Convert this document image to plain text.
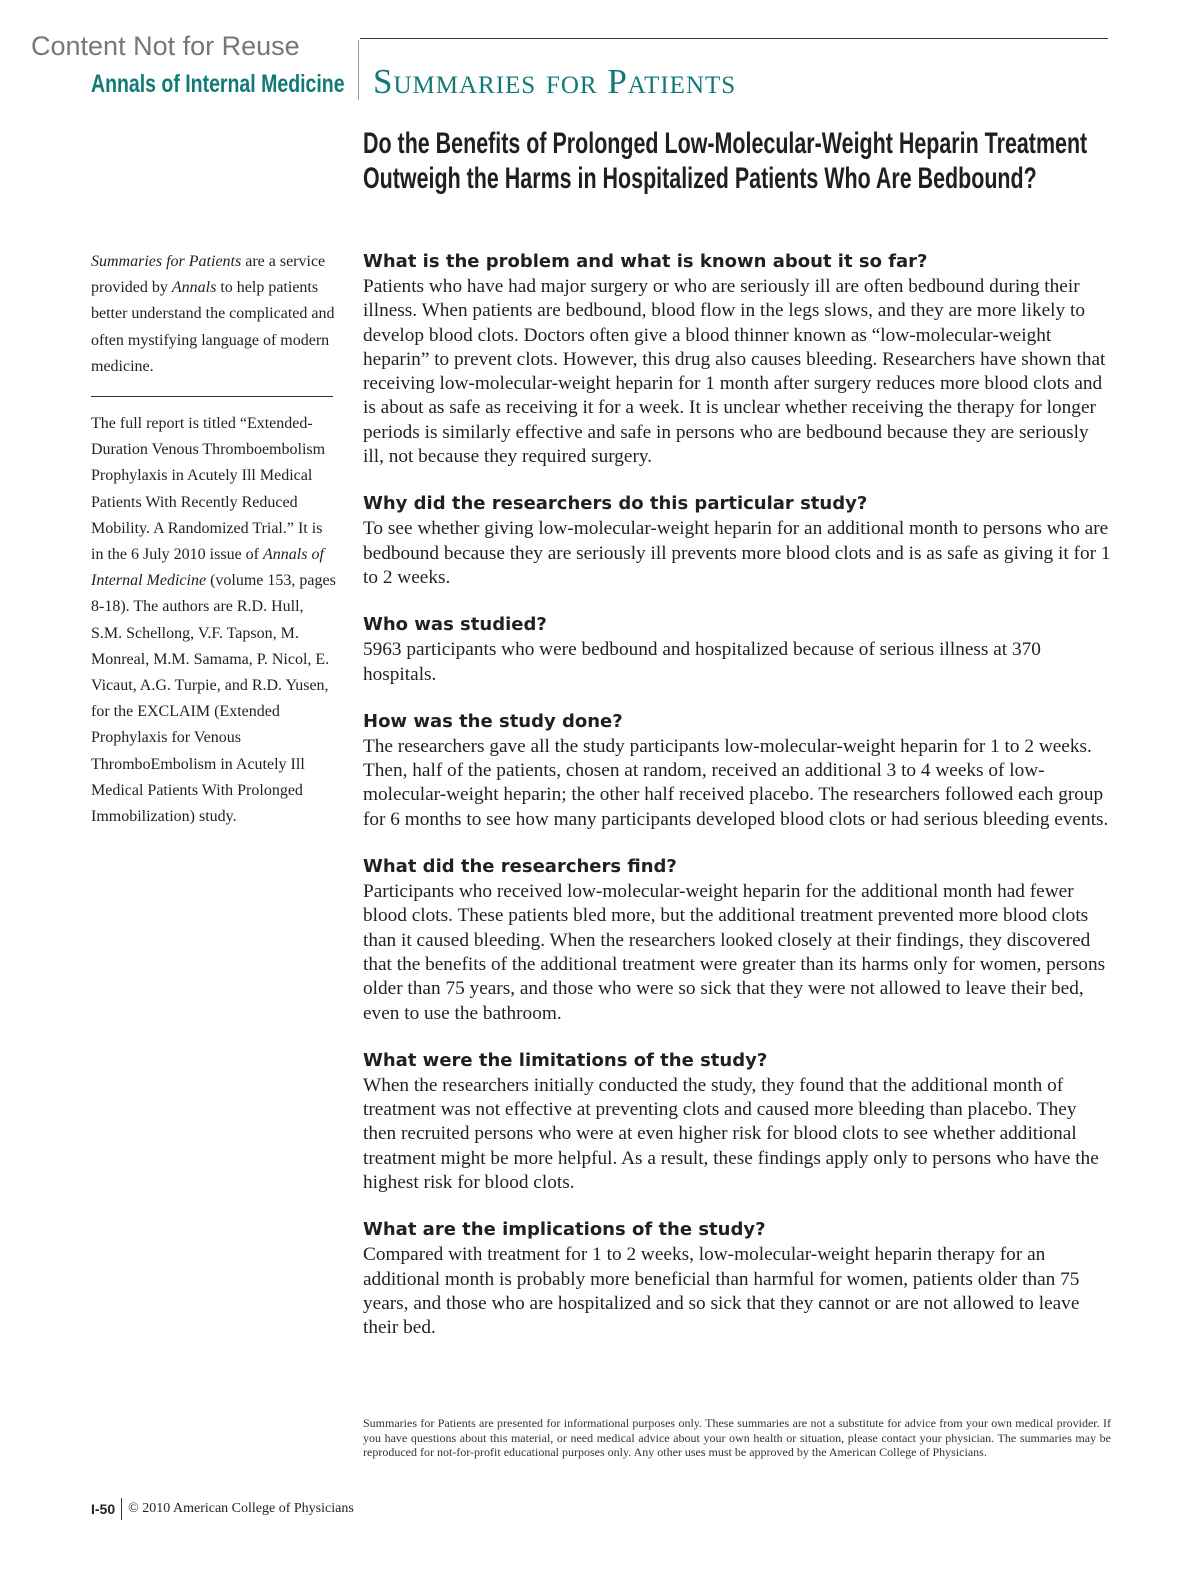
Content Not for Reuse
Annals of Internal Medicine Summaries for Patients
Do the Benefits of Prolonged Low-Molecular-Weight Heparin Treatment Outweigh the Harms in Hospitalized Patients Who Are Bedbound?
Summaries for Patients are a service provided by Annals to help patients better understand the complicated and often mystifying language of modern medicine.
The full report is titled “Extended-Duration Venous Thromboembolism Prophylaxis in Acutely Ill Medical Patients With Recently Reduced Mobility. A Randomized Trial.” It is in the 6 July 2010 issue of Annals of Internal Medicine (volume 153, pages 8-18). The authors are R.D. Hull, S.M. Schellong, V.F. Tapson, M. Monreal, M.M. Samama, P. Nicol, E. Vicaut, A.G. Turpie, and R.D. Yusen, for the EXCLAIM (Extended Prophylaxis for Venous ThromboEmbolism in Acutely Ill Medical Patients With Prolonged Immobilization) study.
What is the problem and what is known about it so far?

Patients who have had major surgery or who are seriously ill are often bedbound during their illness. When patients are bedbound, blood flow in the legs slows, and they are more likely to develop blood clots. Doctors often give a blood thinner known as “low-molecular-weight heparin” to prevent clots. However, this drug also causes bleeding. Researchers have shown that receiving low-molecular-weight heparin for 1 month after surgery reduces more blood clots and is about as safe as receiving it for a week. It is unclear whether receiving the therapy for longer periods is similarly effective and safe in persons who are bedbound because they are seriously ill, not because they required surgery.

Why did the researchers do this particular study?

To see whether giving low-molecular-weight heparin for an additional month to persons who are bedbound because they are seriously ill prevents more blood clots and is as safe as giving it for 1 to 2 weeks.

Who was studied?

5963 participants who were bedbound and hospitalized because of serious illness at 370 hospitals.

How was the study done?

The researchers gave all the study participants low-molecular-weight heparin for 1 to 2 weeks. Then, half of the patients, chosen at random, received an additional 3 to 4 weeks of low-molecular-weight heparin; the other half received placebo. The researchers followed each group for 6 months to see how many participants developed blood clots or had serious bleeding events.

What did the researchers find?

Participants who received low-molecular-weight heparin for the additional month had fewer blood clots. These patients bled more, but the additional treatment prevented more blood clots than it caused bleeding. When the researchers looked closely at their findings, they discovered that the benefits of the additional treatment were greater than its harms only for women, persons older than 75 years, and those who were so sick that they were not allowed to leave their bed, even to use the bathroom.

What were the limitations of the study?

When the researchers initially conducted the study, they found that the additional month of treatment was not effective at preventing clots and caused more bleeding than placebo. They then recruited persons who were at even higher risk for blood clots to see whether additional treatment might be more helpful. As a result, these findings apply only to persons who have the highest risk for blood clots.

What are the implications of the study?

Compared with treatment for 1 to 2 weeks, low-molecular-weight heparin therapy for an additional month is probably more beneficial than harmful for women, patients older than 75 years, and those who are hospitalized and so sick that they cannot or are not allowed to leave their bed.

Summaries for Patients are presented for informational purposes only. These summaries are not a substitute for advice from your own medical provider. If you have questions about this material, or need medical advice about your own health or situation, please contact your physician. The summaries may be reproduced for not-for-profit educational purposes only. Any other uses must be approved by the American College of Physicians.
I-50 © 2010 American College of Physicians
